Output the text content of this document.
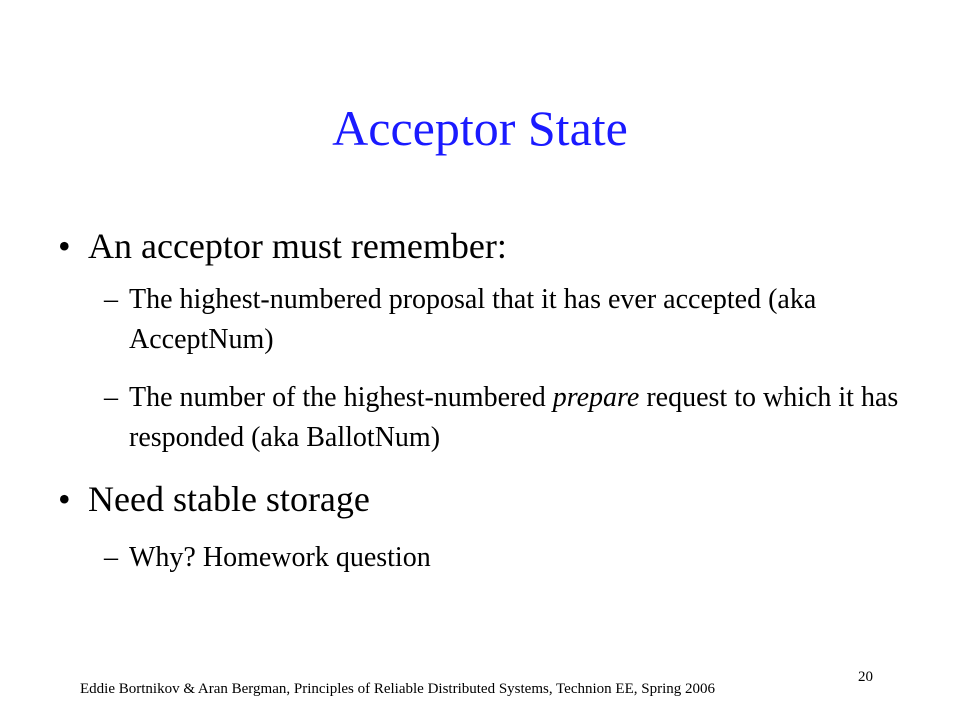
Acceptor State
• An acceptor must remember:
– The highest-numbered proposal that it has ever accepted (aka AcceptNum)
– The number of the highest-numbered prepare request to which it has responded (aka BallotNum)
• Need stable storage
– Why? Homework question
Eddie Bortnikov & Aran Bergman, Principles of Reliable Distributed Systems, Technion EE, Spring 2006
20
